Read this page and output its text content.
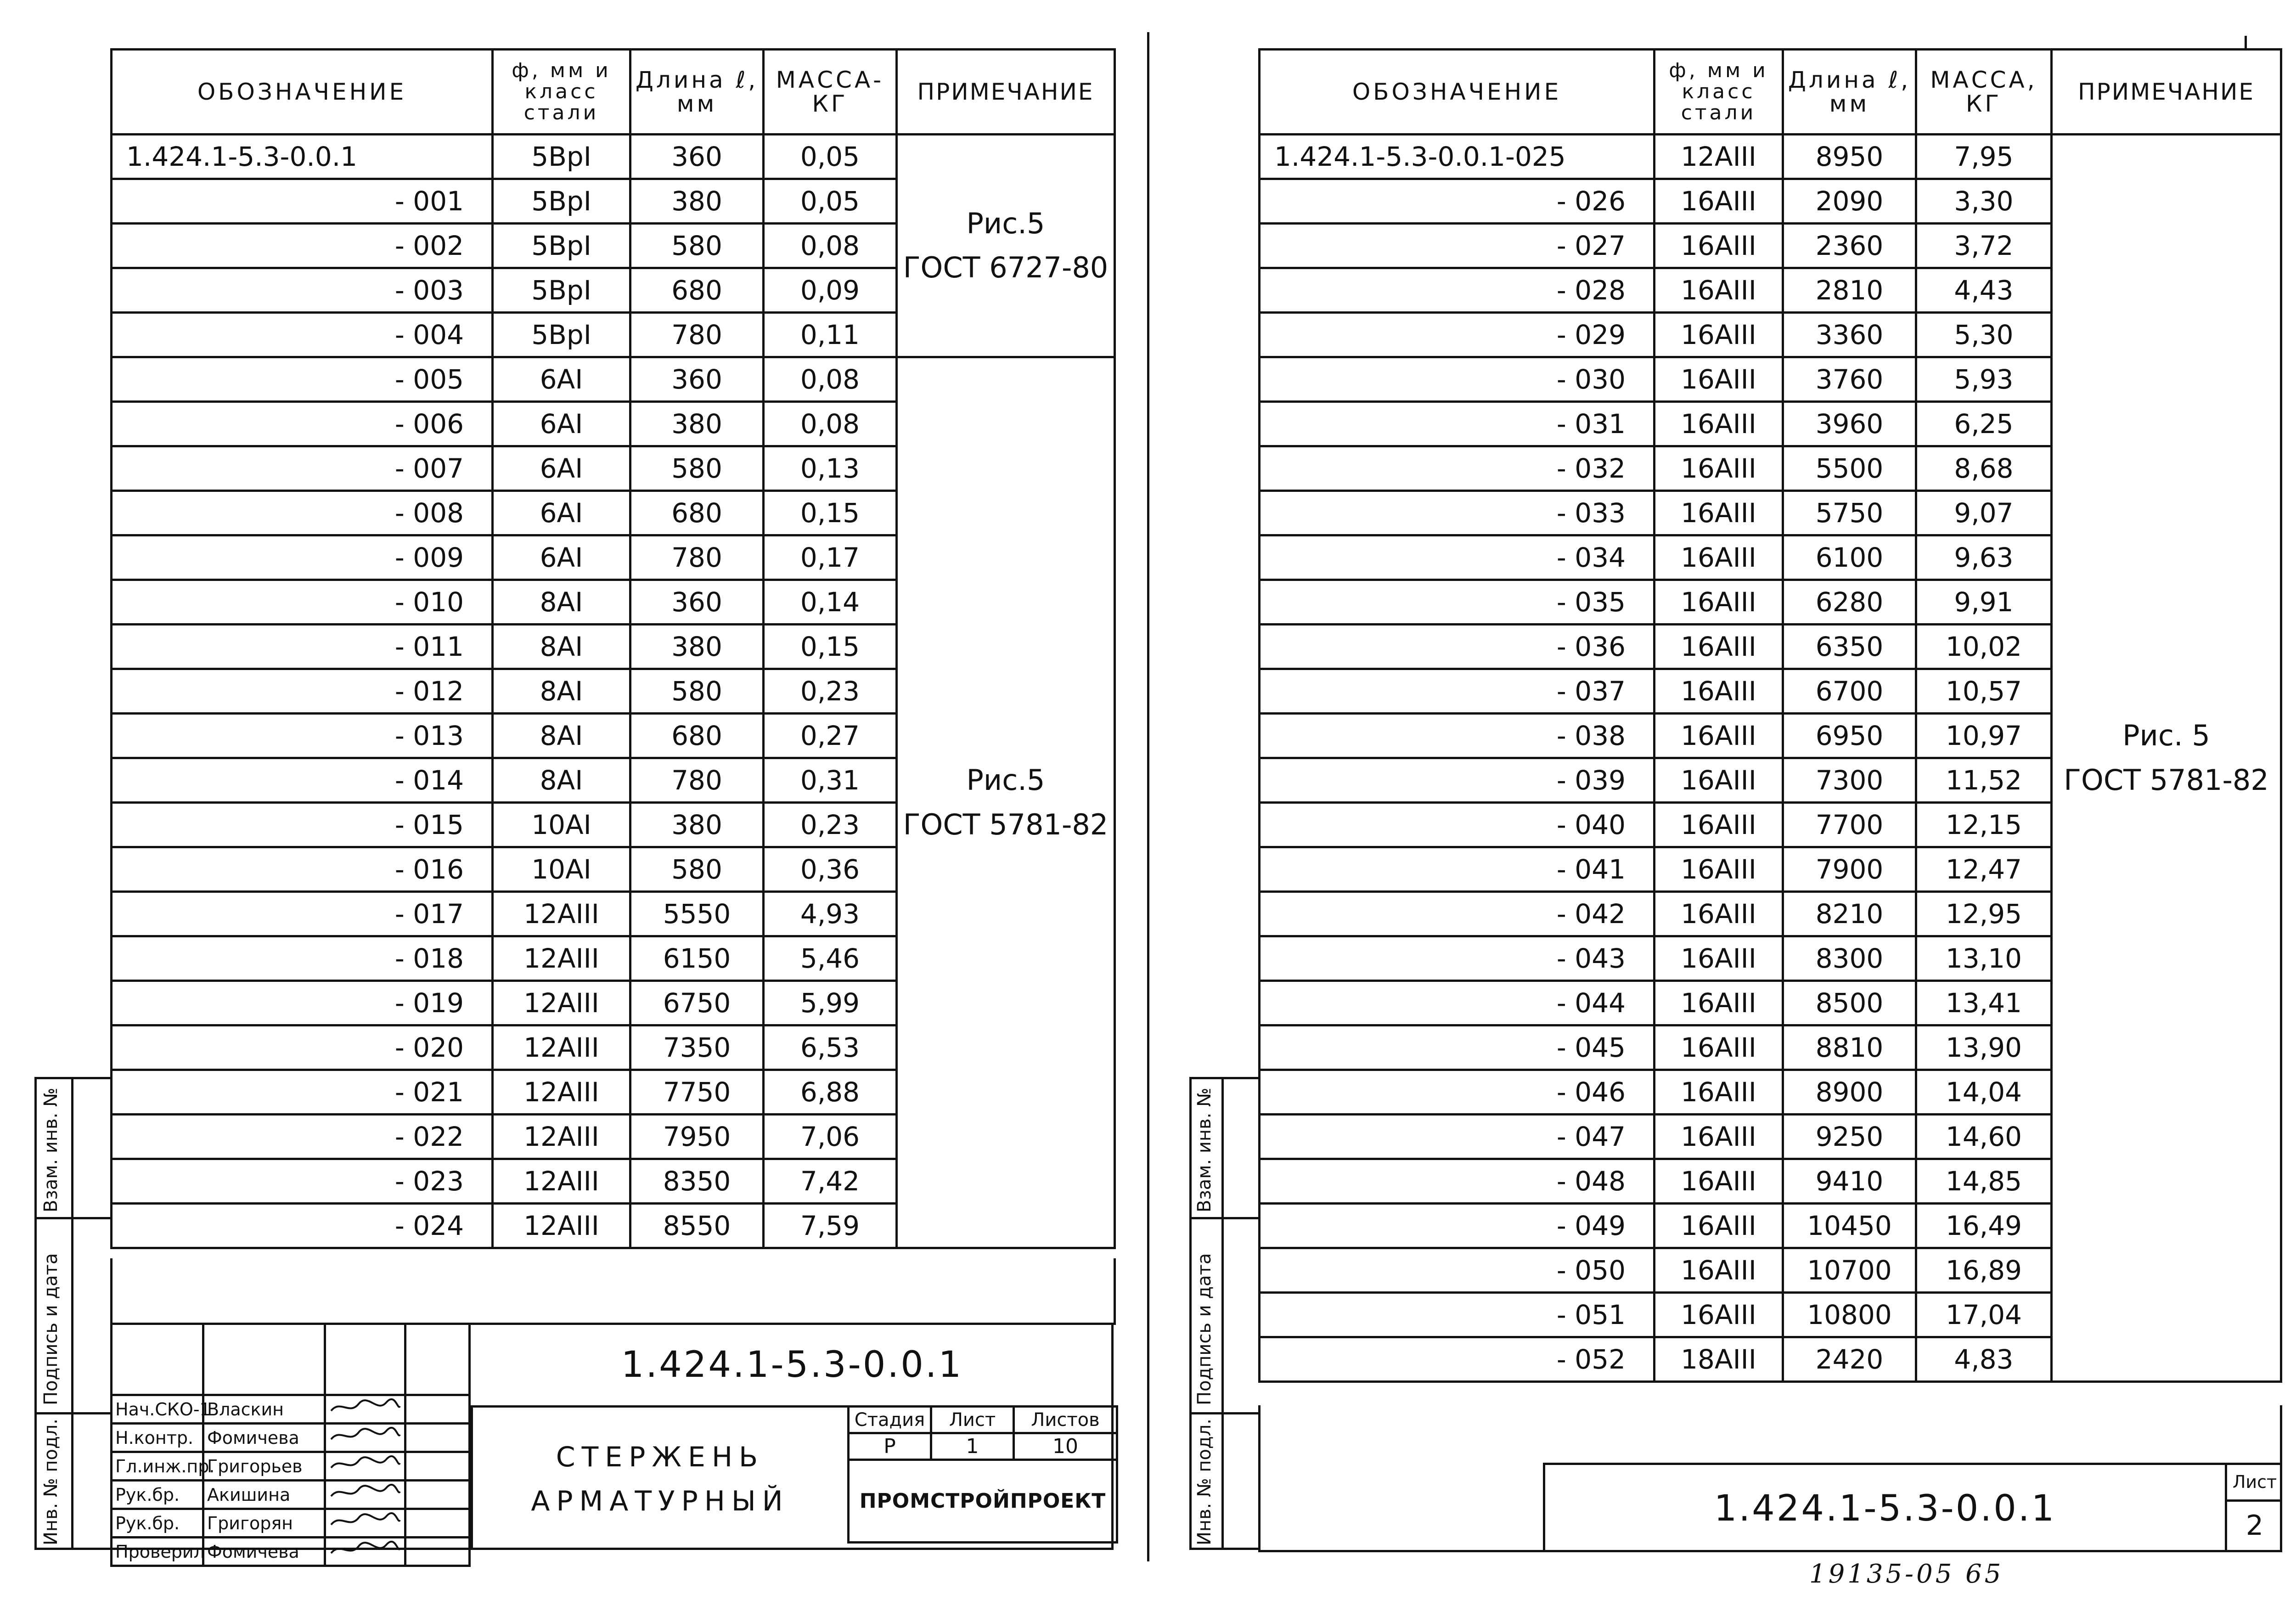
Взам. инв. №
Подпись и дата
Инв. № подл.
ОБОЗНАЧЕНИЕ	ф, мм и класс стали	Длина ℓ, мм	МАССА- КГ	ПРИМЕЧАНИЕ
1.424.1-5.3-0.0.1	5ВрI	360	0,05	Рис.5
ГОСТ 6727-80

- 001	5ВрI	380	0,05	
- 002	5ВрI	580	0,08	
- 003	5ВрI	680	0,09	
- 004	5ВрI	780	0,11	
- 005	6AI	360	0,08	Рис.5
ГОСТ 5781-82

- 006	6AI	380	0,08	
- 007	6AI	580	0,13	
- 008	6AI	680	0,15	
- 009	6AI	780	0,17	
- 010	8AI	360	0,14	
- 011	8AI	380	0,15	
- 012	8AI	580	0,23	
- 013	8AI	680	0,27	
- 014	8AI	780	0,31	
- 015	10AI	380	0,23	
- 016	10AI	580	0,36	
- 017	12AIII	5550	4,93	
- 018	12AIII	6150	5,46	
- 019	12AIII	6750	5,99	
- 020	12AIII	7350	6,53	
- 021	12AIII	7750	6,88	
- 022	12AIII	7950	7,06	
- 023	12AIII	8350	7,42	
- 024	12AIII	8550	7,59	

Нач.СКО-1	Власкин		
Н.контр.	Фомичева		
Гл.инж.пр.	Григорьев		
Рук.бр.	Акишина		
Рук.бр.	Григорян		
Проверил	Фомичева		
1.424.1-5.3-0.0.1
СТЕРЖЕНЬ
АРМАТУРНЫЙ
Стадия	Лист	Листов
Р	1	10
ПРОМСТРОЙПРОЕКТ		
Взам. инв. №
Подпись и дата
Инв. № подл.
ОБОЗНАЧЕНИЕ	ф, мм и класс стали	Длина ℓ, мм	МАССА, КГ	ПРИМЕЧАНИЕ
1.424.1-5.3-0.0.1-025	12AIII	8950	7,95	Рис. 5
ГОСТ 5781-82

- 026	16AIII	2090	3,30	
- 027	16AIII	2360	3,72	
- 028	16AIII	2810	4,43	
- 029	16AIII	3360	5,30	
- 030	16AIII	3760	5,93	
- 031	16AIII	3960	6,25	
- 032	16AIII	5500	8,68	
- 033	16AIII	5750	9,07	
- 034	16AIII	6100	9,63	
- 035	16AIII	6280	9,91	
- 036	16AIII	6350	10,02	
- 037	16AIII	6700	10,57	
- 038	16AIII	6950	10,97	
- 039	16AIII	7300	11,52	
- 040	16AIII	7700	12,15	
- 041	16AIII	7900	12,47	
- 042	16AIII	8210	12,95	
- 043	16AIII	8300	13,10	
- 044	16AIII	8500	13,41	
- 045	16AIII	8810	13,90	
- 046	16AIII	8900	14,04	
- 047	16AIII	9250	14,60	
- 048	16AIII	9410	14,85	
- 049	16AIII	10450	16,49	
- 050	16AIII	10700	16,89	
- 051	16AIII	10800	17,04	
- 052	18AIII	2420	4,83	
1.424.1-5.3-0.0.1
Лист
2
19135-05 65
